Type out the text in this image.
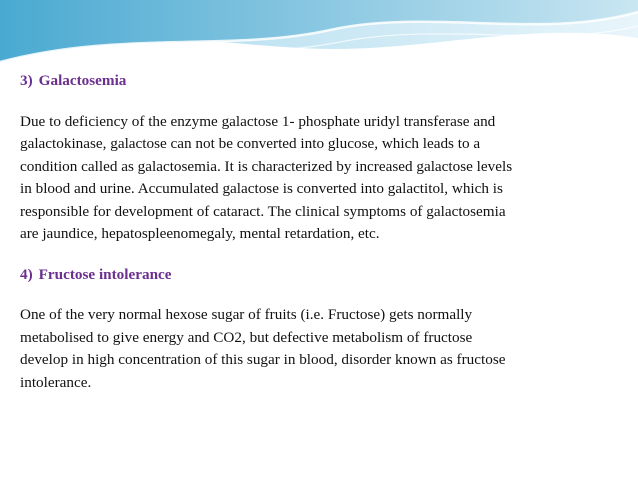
3) Galactosemia
Due to deficiency of the enzyme galactose 1- phosphate uridyl transferase and
galactokinase, galactose can not be converted into glucose, which leads to a
condition called as galactosemia. It is characterized by increased galactose levels
in blood and urine. Accumulated galactose is converted into galactitol, which is
responsible for development of cataract. The clinical symptoms of galactosemia
are jaundice, hepatospleenomegaly, mental retardation, etc.
4) Fructose intolerance
One of the very normal hexose sugar of fruits (i.e. Fructose) gets normally
metabolised to give energy and CO2, but defective metabolism of fructose
develop in high concentration of this sugar in blood, disorder known as fructose
intolerance.
